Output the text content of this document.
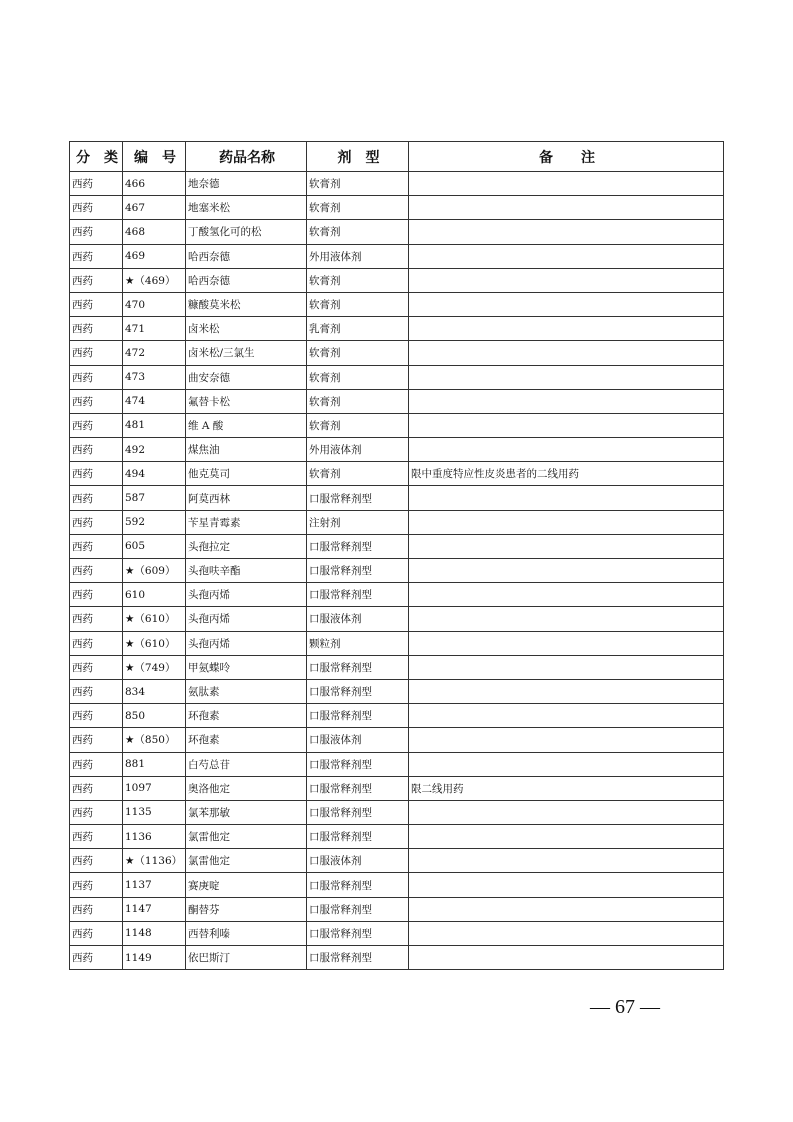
分　类	编　号	药品名称	剂　型	备　　注
西药	466	地奈德	软膏剂	
西药	467	地塞米松	软膏剂	
西药	468	丁酸氢化可的松	软膏剂	
西药	469	哈西奈德	外用液体剂	
西药	★（469）	哈西奈德	软膏剂	
西药	470	糠酸莫米松	软膏剂	
西药	471	卤米松	乳膏剂	
西药	472	卤米松/三氯生	软膏剂	
西药	473	曲安奈德	软膏剂	
西药	474	氟替卡松	软膏剂	
西药	481	维 A 酸	软膏剂	
西药	492	煤焦油	外用液体剂	
西药	494	他克莫司	软膏剂	限中重度特应性皮炎患者的二线用药
西药	587	阿莫西林	口服常释剂型	
西药	592	苄星青霉素	注射剂	
西药	605	头孢拉定	口服常释剂型	
西药	★（609）	头孢呋辛酯	口服常释剂型	
西药	610	头孢丙烯	口服常释剂型	
西药	★（610）	头孢丙烯	口服液体剂	
西药	★（610）	头孢丙烯	颗粒剂	
西药	★（749）	甲氨蝶呤	口服常释剂型	
西药	834	氨肽素	口服常释剂型	
西药	850	环孢素	口服常释剂型	
西药	★（850）	环孢素	口服液体剂	
西药	881	白芍总苷	口服常释剂型	
西药	1097	奥洛他定	口服常释剂型	限二线用药
西药	1135	氯苯那敏	口服常释剂型	
西药	1136	氯雷他定	口服常释剂型	
西药	★（1136）	氯雷他定	口服液体剂	
西药	1137	赛庚啶	口服常释剂型	
西药	1147	酮替芬	口服常释剂型	
西药	1148	西替利嗪	口服常释剂型	
西药	1149	依巴斯汀	口服常释剂型	
— 67 —
